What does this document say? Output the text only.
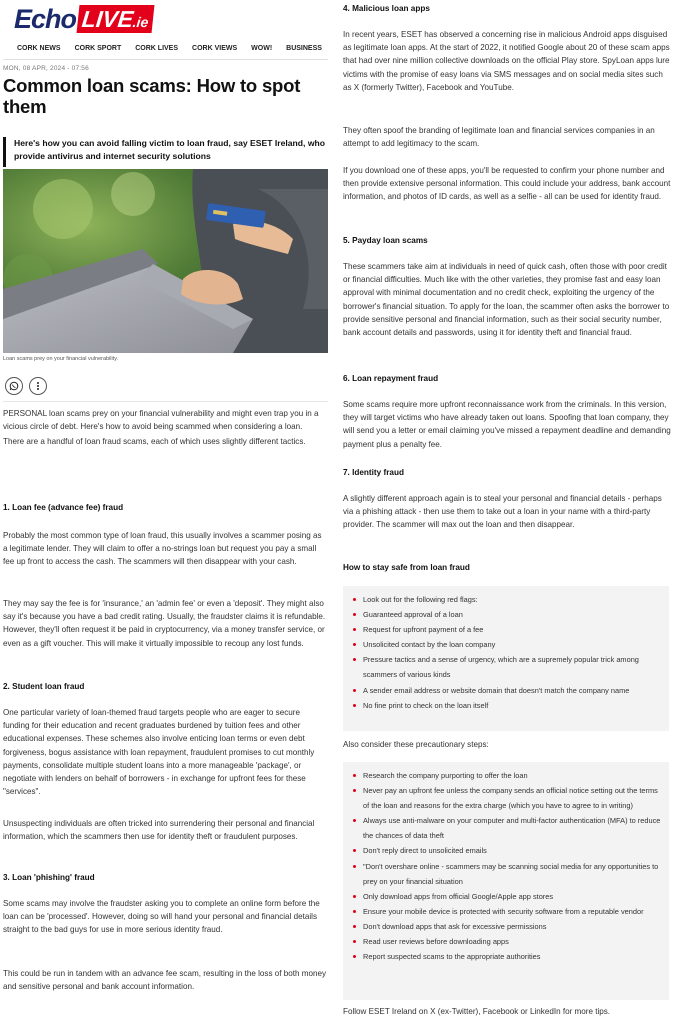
Echo LIVE.ie
CORK NEWS CORK SPORT CORK LIVES CORK VIEWS WOW! BUSINESS
MON, 08 APR, 2024 - 07:56
Common loan scams: How to spot them
Here's how you can avoid falling victim to loan fraud, say ESET Ireland, who provide antivirus and internet security solutions
Loan scams prey on your financial vulnerability.

PERSONAL loan scams prey on your financial vulnerability and might even trap you in a vicious circle of debt. Here's how to avoid being scammed when considering a loan.

There are a handful of loan fraud scams, each of which uses slightly different tactics.

1. Loan fee (advance fee) fraud

Probably the most common type of loan fraud, this usually involves a scammer posing as a legitimate lender. They will claim to offer a no-strings loan but request you pay a small fee up front to access the cash. The scammers will then disappear with your cash.

They may say the fee is for 'insurance,' an 'admin fee' or even a 'deposit'. They might also say it's because you have a bad credit rating. Usually, the fraudster claims it is refundable. However, they'll often request it be paid in cryptocurrency, via a money transfer service, or even as a gift voucher. This will make it virtually impossible to recoup any lost funds.

2. Student loan fraud

One particular variety of loan-themed fraud targets people who are eager to secure funding for their education and recent graduates burdened by tuition fees and other educational expenses. These schemes also involve enticing loan terms or even debt forgiveness, bogus assistance with loan repayment, fraudulent promises to cut monthly payments, consolidate multiple student loans into a more manageable 'package', or negotiate with lenders on behalf of borrowers - in exchange for upfront fees for these "services".

Unsuspecting individuals are often tricked into surrendering their personal and financial information, which the scammers then use for identity theft or fraudulent purposes.

3. Loan 'phishing' fraud

Some scams may involve the fraudster asking you to complete an online form before the loan can be 'processed'. However, doing so will hand your personal and financial details straight to the bad guys for use in more serious identity fraud.

This could be run in tandem with an advance fee scam, resulting in the loss of both money and sensitive personal and bank account information.

4. Malicious loan apps

In recent years, ESET has observed a concerning rise in malicious Android apps disguised as legitimate loan apps. At the start of 2022, it notified Google about 20 of these scam apps that had over nine million collective downloads on the official Play store. SpyLoan apps lure victims with the promise of easy loans via SMS messages and on social media sites such as X (formerly Twitter), Facebook and YouTube.

They often spoof the branding of legitimate loan and financial services companies in an attempt to add legitimacy to the scam.

If you download one of these apps, you'll be requested to confirm your phone number and then provide extensive personal information. This could include your address, bank account information, and photos of ID cards, as well as a selfie - all can be used for identity fraud.

5. Payday loan scams

These scammers take aim at individuals in need of quick cash, often those with poor credit or financial difficulties. Much like with the other varieties, they promise fast and easy loan approval with minimal documentation and no credit check, exploiting the urgency of the borrower's financial situation. To apply for the loan, the scammer often asks the borrower to provide sensitive personal and financial information, such as their social security number, bank account details and passwords, using it for identity theft and financial fraud.

6. Loan repayment fraud

Some scams require more upfront reconnaissance work from the criminals. In this version, they will target victims who have already taken out loans. Spoofing that loan company, they will send you a letter or email claiming you've missed a repayment deadline and demanding payment plus a penalty fee.

7. Identity fraud

A slightly different approach again is to steal your personal and financial details - perhaps via a phishing attack - then use them to take out a loan in your name with a third-party provider. The scammer will max out the loan and then disappear.

How to stay safe from loan fraud
Look out for the following red flags:
Guaranteed approval of a loan
Request for upfront payment of a fee
Unsolicited contact by the loan company
Pressure tactics and a sense of urgency, which are a supremely popular trick among scammers of various kinds
A sender email address or website domain that doesn't match the company name
No fine print to check on the loan itself

Also consider these precautionary steps:

Research the company purporting to offer the loan
Never pay an upfront fee unless the company sends an official notice setting out the terms of the loan and reasons for the extra charge (which you have to agree to in writing)
Always use anti-malware on your computer and multi-factor authentication (MFA) to reduce the chances of data theft
Don't reply direct to unsolicited emails
"Don't overshare online - scammers may be scanning social media for any opportunities to prey on your financial situation
Only download apps from official Google/Apple app stores
Ensure your mobile device is protected with security software from a reputable vendor
Don't download apps that ask for excessive permissions
Read user reviews before downloading apps
Report suspected scams to the appropriate authorities

Follow ESET Ireland on X (ex-Twitter), Facebook or LinkedIn for more tips.
